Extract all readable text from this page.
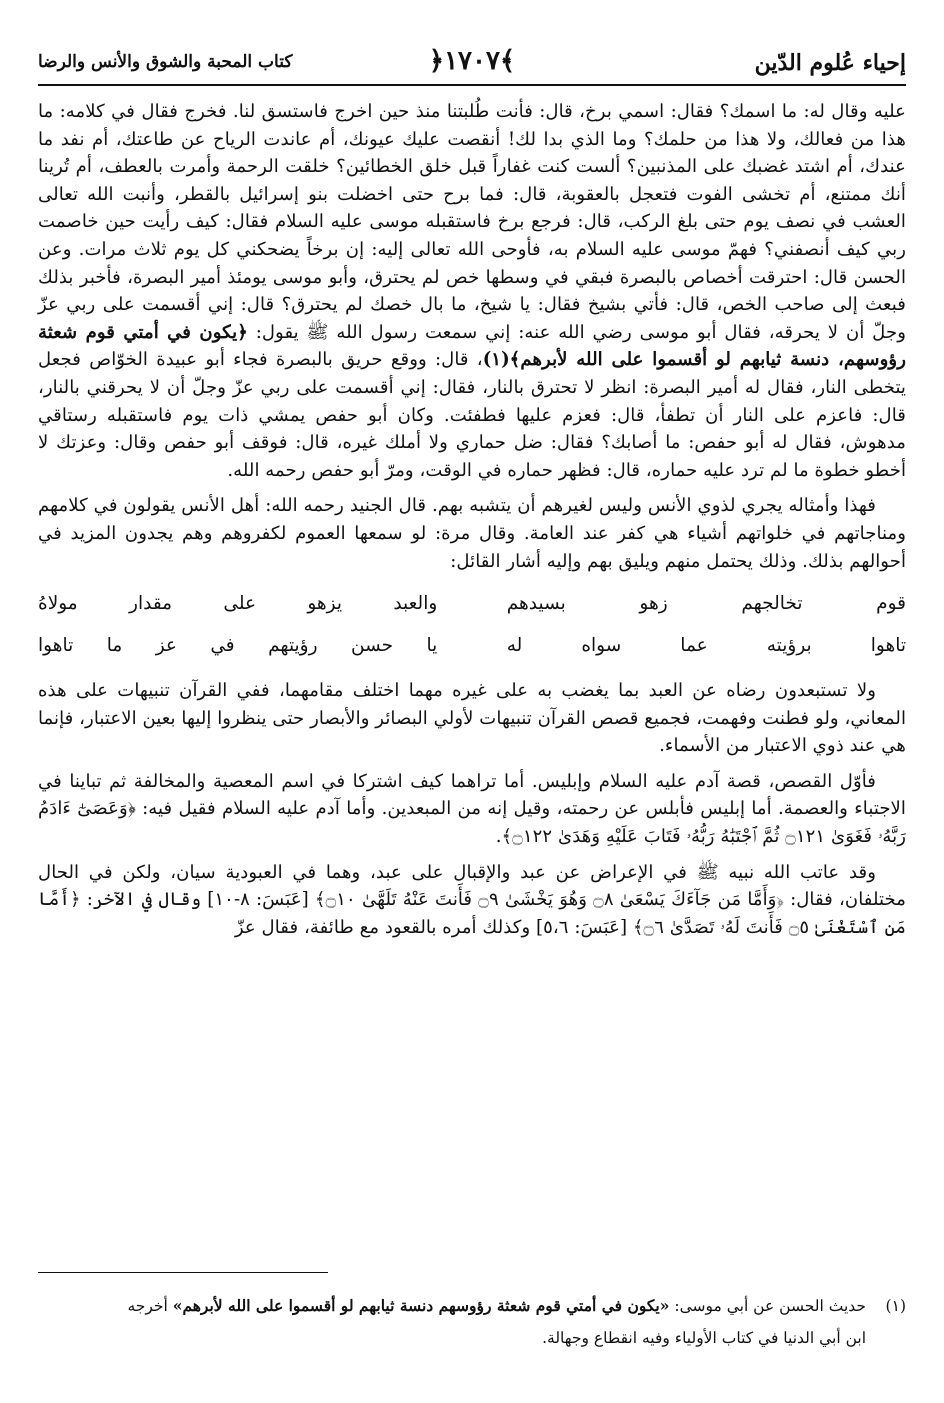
إحياء عُلوم الدّين
﴿١٧٠٧﴾
كتاب المحبة والشوق والأنس والرضا

عليه وقال له: ما اسمك؟ فقال: اسمي برخ، قال: فأنت طُلبتنا منذ حين اخرج فاستسق لنا. فخرج فقال في كلامه: ما هذا من فعالك، ولا هذا من حلمك؟ وما الذي بدا لك! أنقصت عليك عيونك، أم عاندت الرياح عن طاعتك، أم نفد ما عندك، أم اشتد غضبك على المذنبين؟ ألست كنت غفاراً قبل خلق الخطائين؟ خلقت الرحمة وأمرت بالعطف، أم تُرينا أنك ممتنع، أم تخشى الفوت فتعجل بالعقوبة، قال: فما برح حتى اخضلت بنو إسرائيل بالقطر، وأنبت الله تعالى العشب في نصف يوم حتى بلغ الركب، قال: فرجع برخ فاستقبله موسى عليه السلام فقال: كيف رأيت حين خاصمت ربي كيف أنصفني؟ فهمّ موسى عليه السلام به، فأوحى الله تعالى إليه: إن برخاً يضحكني كل يوم ثلاث مرات. وعن الحسن قال: احترقت أخصاص بالبصرة فبقي في وسطها خص لم يحترق، وأبو موسى يومئذ أمير البصرة، فأخبر بذلك فبعث إلى صاحب الخص، قال: فأتي بشيخ فقال: يا شيخ، ما بال خصك لم يحترق؟ قال: إني أقسمت على ربي عزّ وجلّ أن لا يحرقه، فقال أبو موسى رضي الله عنه: إني سمعت رسول الله ﷺ يقول: ﴿يكون في أمتي قوم شعثة رؤوسهم، دنسة ثيابهم لو أقسموا على الله لأبرهم﴾(١)، قال: ووقع حريق بالبصرة فجاء أبو عبيدة الخوّاص فجعل يتخطى النار، فقال له أمير البصرة: انظر لا تحترق بالنار، فقال: إني أقسمت على ربي عزّ وجلّ أن لا يحرقني بالنار، قال: فاعزم على النار أن تطفأ، قال: فعزم عليها فطفئت. وكان أبو حفص يمشي ذات يوم فاستقبله رستاقي مدهوش، فقال له أبو حفص: ما أصابك؟ فقال: ضل حماري ولا أملك غيره، قال: فوقف أبو حفص وقال: وعزتك لا أخطو خطوة ما لم ترد عليه حماره، قال: فظهر حماره في الوقت، ومرّ أبو حفص رحمه الله.

فهذا وأمثاله يجري لذوي الأنس وليس لغيرهم أن يتشبه بهم. قال الجنيد رحمه الله: أهل الأنس يقولون في كلامهم ومناجاتهم في خلواتهم أشياء هي كفر عند العامة. وقال مرة: لو سمعها العموم لكفروهم وهم يجدون المزيد في أحوالهم بذلك. وذلك يحتمل منهم ويليق بهم وإليه أشار القائل:

قوم تخالجهم زهو بسيدهم
والعبد يزهو على مقدار مولاهُ
تاهوا برؤيته عما سواه له
يا حسن رؤيتهم في عز ما تاهوا

ولا تستبعدون رضاه عن العبد بما يغضب به على غيره مهما اختلف مقامهما، ففي القرآن تنبيهات على هذه المعاني، ولو فطنت وفهمت، فجميع قصص القرآن تنبيهات لأولي البصائر والأبصار حتى ينظروا إليها بعين الاعتبار، فإنما هي عند ذوي الاعتبار من الأسماء.

فأوّل القصص، قصة آدم عليه السلام وإبليس. أما تراهما كيف اشتركا في اسم المعصية والمخالفة ثم تباينا في الاجتباء والعصمة. أما إبليس فأبلس عن رحمته، وقيل إنه من المبعدين. وأما آدم عليه السلام فقيل فيه: ﴿وَعَصَىٰٓ ءَادَمُ رَبَّهُۥ فَغَوَىٰ ۝١٢١ ثُمَّ ٱجْتَبَٰهُ رَبُّهُۥ فَتَابَ عَلَيْهِ وَهَدَىٰ ۝١٢٢﴾.

وقد عاتب الله نبيه ﷺ في الإعراض عن عبد والإقبال على عبد، وهما في العبودية سيان، ولكن في الحال مختلفان، فقال: ﴿وَأَمَّا مَن جَآءَكَ يَسْعَىٰ ۝٨ وَهُوَ يَخْشَىٰ ۝٩ فَأَنتَ عَنْهُ تَلَهَّىٰ ۝١٠﴾ [عَبَسَ: ٨-١٠] وقال في الآخر: ﴿أَمَّا مَنِ ٱسْتَغْنَىٰ ۝٥ فَأَنتَ لَهُۥ تَصَدَّىٰ ۝٦﴾ [عَبَسَ: ٥،٦] وكذلك أمره بالقعود مع طائفة، فقال عزّ

(١)حديث الحسن عن أبي موسى: «يكون في أمتي قوم شعثة رؤوسهم دنسة ثيابهم لو أقسموا على الله لأبرهم» أخرجه
ابن أبي الدنيا في كتاب الأولياء وفيه انقطاع وجهالة.
